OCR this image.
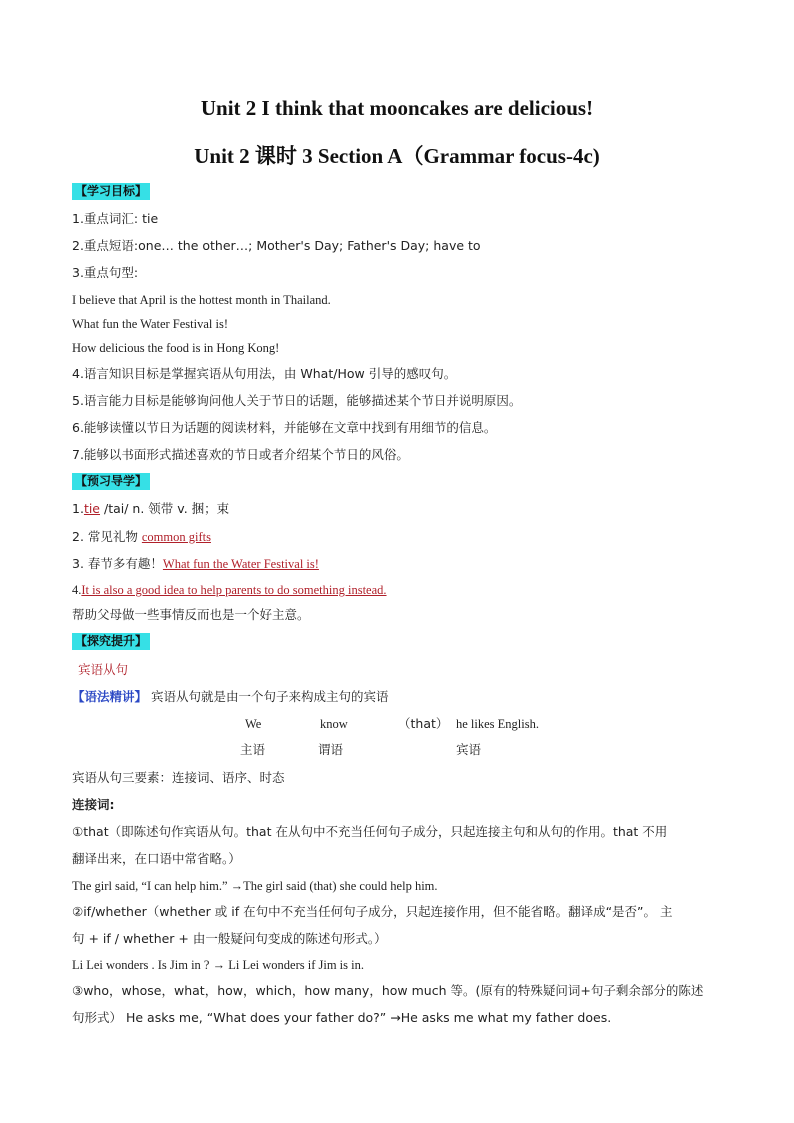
Unit 2 I think that mooncakes are delicious!
Unit 2 课时 3 Section A（Grammar focus-4c)
【学习目标】
1.重点词汇: tie
2.重点短语:one… the other…; Mother's Day; Father's Day; have to
3.重点句型:
I believe that April is the hottest month in Thailand.
What fun the Water Festival is!
How delicious the food is in Hong Kong!
4.语言知识目标是掌握宾语从句用法，由 What/How 引导的感叹句。
5.语言能力目标是能够询问他人关于节日的话题，能够描述某个节日并说明原因。
6.能够读懂以节日为话题的阅读材料，并能够在文章中找到有用细节的信息。
7.能够以书面形式描述喜欢的节日或者介绍某个节日的风俗。
【预习导学】
1.tie /tai/ n. 领带 v. 捆；束
2. 常见礼物 common gifts
3. 春节多有趣！What fun the Water Festival is!
4.It is also a good idea to help parents to do something instead.
帮助父母做一些事情反而也是一个好主意。
【探究提升】
宾语从句
【语法精讲】 宾语从句就是由一个句子来构成主句的宾语
We	know	（that） he likes English.
主语	谓语	宾语
宾语从句三要素：连接词、语序、时态
连接词:
①that（即陈述句作宾语从句。that 在从句中不充当任何句子成分，只起连接主句和从句的作用。that 不用
翻译出来，在口语中常省略。）
The girl said, “I can help him.” →The girl said (that) she could help him.
②if/whether（whether 或 if 在句中不充当任何句子成分，只起连接作用，但不能省略。翻译成“是否”。 主
句 + if / whether + 由一般疑问句变成的陈述句形式。）
Li Lei wonders . Is Jim in ? → Li Lei wonders if Jim is in.
③who，whose，what，how，which，how many，how much 等。(原有的特殊疑问词+句子剩余部分的陈述
句形式） He asks me, “What does your father do?” →He asks me what my father does.
